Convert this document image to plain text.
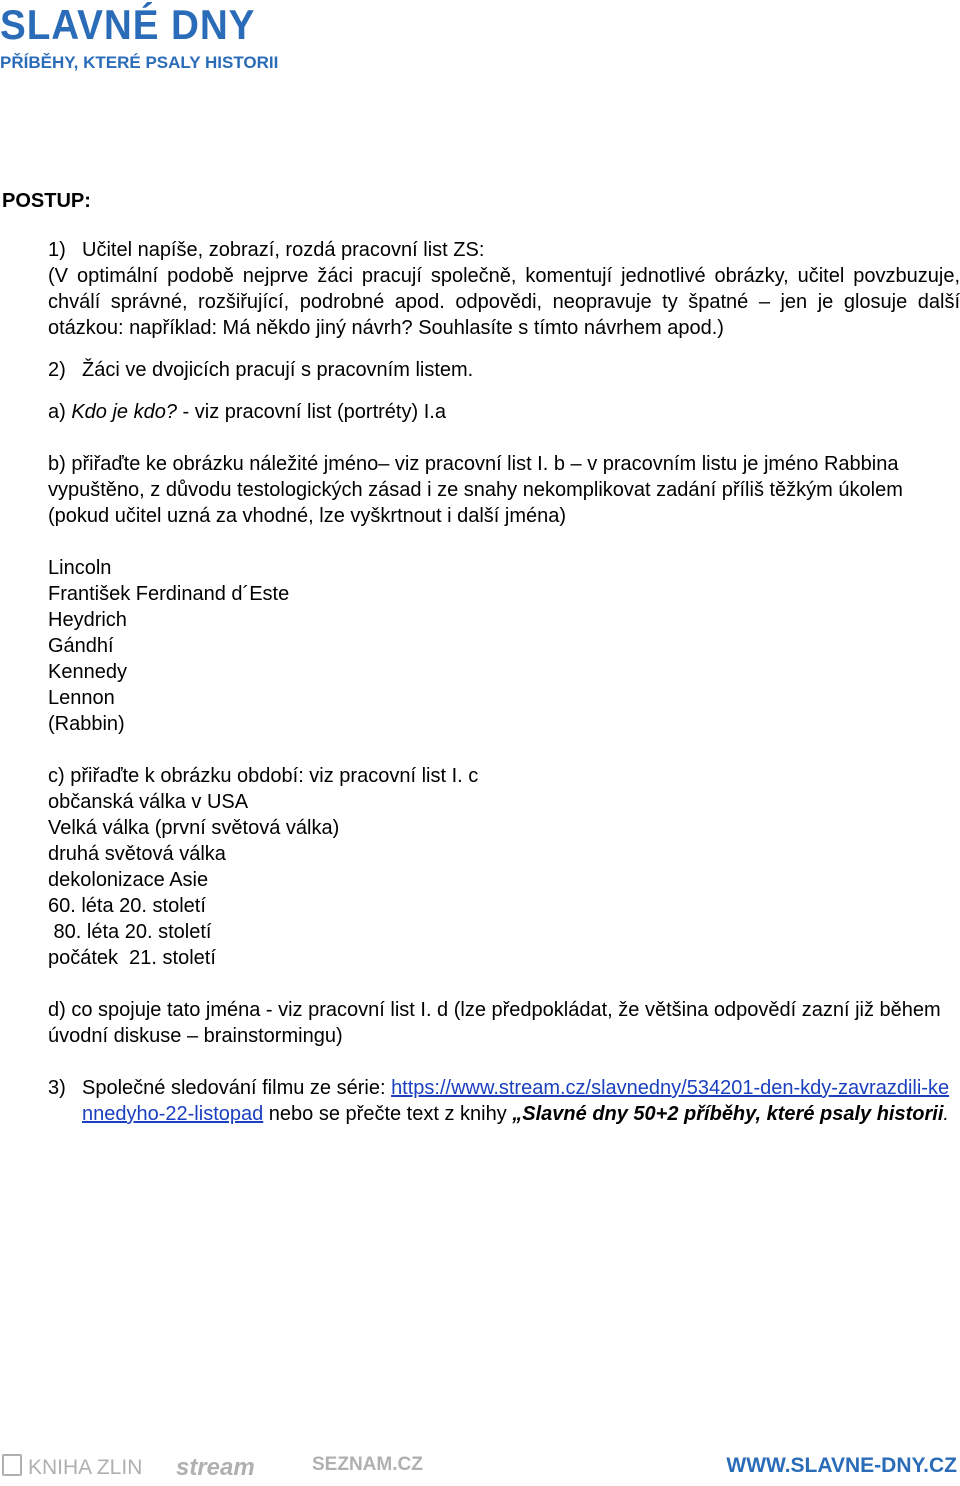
SLAVNÉ DNY
PŘÍBĚHY, KTERÉ PSALY HISTORII
POSTUP:
1) Učitel napíše, zobrazí, rozdá pracovní list ZS:
(V optimální podobě nejprve žáci pracují společně, komentují jednotlivé obrázky, učitel povzbuzuje, chválí správné, rozšiřující, podrobné apod. odpovědi, neopravuje ty špatné – jen je glosuje další otázkou: například: Má někdo jiný návrh? Souhlasíte s tímto návrhem apod.)
2) Žáci ve dvojicích pracují s pracovním listem.
a) Kdo je kdo? - viz pracovní list (portréty) I.a
b) přiřaďte ke obrázku náležité jméno– viz pracovní list I. b – v pracovním listu je jméno Rabbina vypuštěno, z důvodu testologických zásad i ze snahy nekomplikovat zadání příliš těžkým úkolem (pokud učitel uzná za vhodné, lze vyškrtnout i další jména)
Lincoln
František Ferdinand d´Este
Heydrich
Gándhí
Kennedy
Lennon
(Rabbin)
c) přiřaďte k obrázku období: viz pracovní list I. c
občanská válka v USA
Velká válka (první světová válka)
druhá světová válka
dekolonizace Asie
60. léta 20. století
80. léta 20. století
počátek  21. století
d) co spojuje tato jména - viz pracovní list I. d (lze předpokládat, že většina odpovědí zazní již během úvodní diskuse – brainstormingu)
3) Společné sledování filmu ze série: https://www.stream.cz/slavnedny/534201-den-kdy-zavrazdili-kennedyho-22-listopad nebo se přečte text z knihy „Slavné dny 50+2 příběhy, které psaly historii.
KNIHA ZLIN stream	SEZNAM.CZ	WWW.SLAVNE-DNY.CZ
